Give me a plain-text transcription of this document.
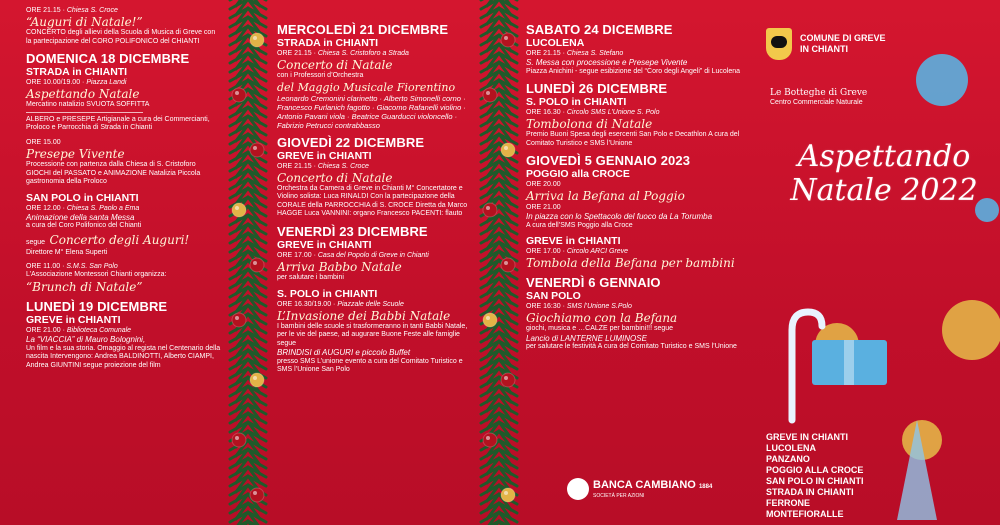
ORE 21.15 · Chiesa S. Croce
“Auguri di Natale!”
CONCERTO degli allievi della Scuola di Musica di Greve con la partecipazione del CORO POLIFONICO del CHIANTI
DOMENICA 18 DICEMBRE
STRADA in CHIANTI
ORE 10.00/19.00 · Piazza Landi
Aspettando Natale
Mercatino natalizio SVUOTA SOFFITTA
ALBERO e PRESEPE Artigianale a cura dei Commercianti, Proloco e Parrocchia di Strada in Chianti
ORE 15.00
Presepe Vivente
Processione con partenza dalla Chiesa di S. Cristoforo GIOCHI del PASSATO e ANIMAZIONE Natalizia Piccola gastronomia della Proloco
SAN POLO in CHIANTI
ORE 12.00 · Chiesa S. Paolo a Ema
Animazione della santa Messa
a cura del Coro Polifonico del Chianti
segue Concerto degli Auguri!
Direttore M° Elena Superti
ORE 11.00 · S.M.S. San Polo
L’Associazione Montessori Chianti organizza:
“Brunch di Natale”
LUNEDÌ 19 DICEMBRE
GREVE in CHIANTI
ORE 21.00 · Biblioteca Comunale
La “VIACCIA” di Mauro Bolognini,
Un film e la sua storia. Omaggio al regista nel Centenario della nascita Intervengono: Andrea BALDINOTTI, Alberto CIAMPI, Andrea GIUNTINI segue proiezione del film
MERCOLEDÌ 21 DICEMBRE
STRADA in CHIANTI
ORE 21.15 · Chiesa S. Cristoforo a Strada
Concerto di Natale
con i Professori d’Orchestra
del Maggio Musicale Fiorentino
Leonardo Cremonini clarinetto · Alberto Simonelli corno · Francesco Furlanich fagotto · Giacomo Rafanelli violino · Antonio Pavani viola · Beatrice Guarducci violoncello · Fabrizio Petrucci contrabbasso
GIOVEDÌ 22 DICEMBRE
GREVE in CHIANTI
ORE 21.15 · Chiesa S. Croce
Concerto di Natale
Orchestra da Camera di Greve in Chianti M° Concertatore e Violino solista: Luca RINALDI Con la partecipazione della CORALE della PARROCCHIA di S. CROCE Diretta da Marco HAGGE Luca VANNINI: organo Francesco PACENTI: flauto
VENERDÌ 23 DICEMBRE
GREVE in CHIANTI
ORE 17.00 · Casa del Popolo di Greve in Chianti
Arriva Babbo Natale
per salutare i bambini
S. POLO in CHIANTI
ORE 16.30/19.00 · Piazzale delle Scuole
L’Invasione dei Babbi Natale
I bambini delle scuole si trasformeranno in tanti Babbi Natale, per le vie del paese, ad augurare Buone Feste alle famiglie segue
BRINDISI di AUGURI e piccolo Buffet
presso SMS L’unione evento a cura del Comitato Turistico e SMS l’Unione San Polo
SABATO 24 DICEMBRE
LUCOLENA
ORE 21.15 · Chiesa S. Stefano
S. Messa con processione e Presepe Vivente
Piazza Anichini - segue esibizione del “Coro degli Angeli” di Lucolena
LUNEDÌ 26 DICEMBRE
S. POLO in CHIANTI
ORE 16.30 · Circolo SMS L’Unione S. Polo
Tombolona di Natale
Premio Buoni Spesa degli esercenti San Polo e Decathlon A cura del Comitato Turistico e SMS l’Unione
GIOVEDÌ 5 GENNAIO 2023
POGGIO alla CROCE
ORE 20.00
Arriva la Befana al Poggio
ORE 21.00
In piazza con lo Spettacolo del fuoco da La Torumba
A cura dell’SMS Poggio alla Croce
GREVE in CHIANTI
ORE 17.00 · Circolo ARCI Greve
Tombola della Befana per bambini
VENERDÌ 6 GENNAIO
SAN POLO
ORE 16:30 · SMS l’Unione S.Polo
Giochiamo con la Befana
giochi, musica e …CALZE per bambini!!! segue
Lancio di LANTERNE LUMINOSE
per salutare le festività A cura del Comitato Turistico e SMS l’Unione
BANCA CAMBIANO 1884
SOCIETÀ PER AZIONI
COMUNE DI GREVE IN CHIANTI
Le Botteghe di Greve
Centro Commerciale Naturale
Aspettando Natale 2022
GREVE IN CHIANTI
LUCOLENA
PANZANO
POGGIO ALLA CROCE
SAN POLO IN CHIANTI
STRADA IN CHIANTI
FERRONE
MONTEFIORALLE
